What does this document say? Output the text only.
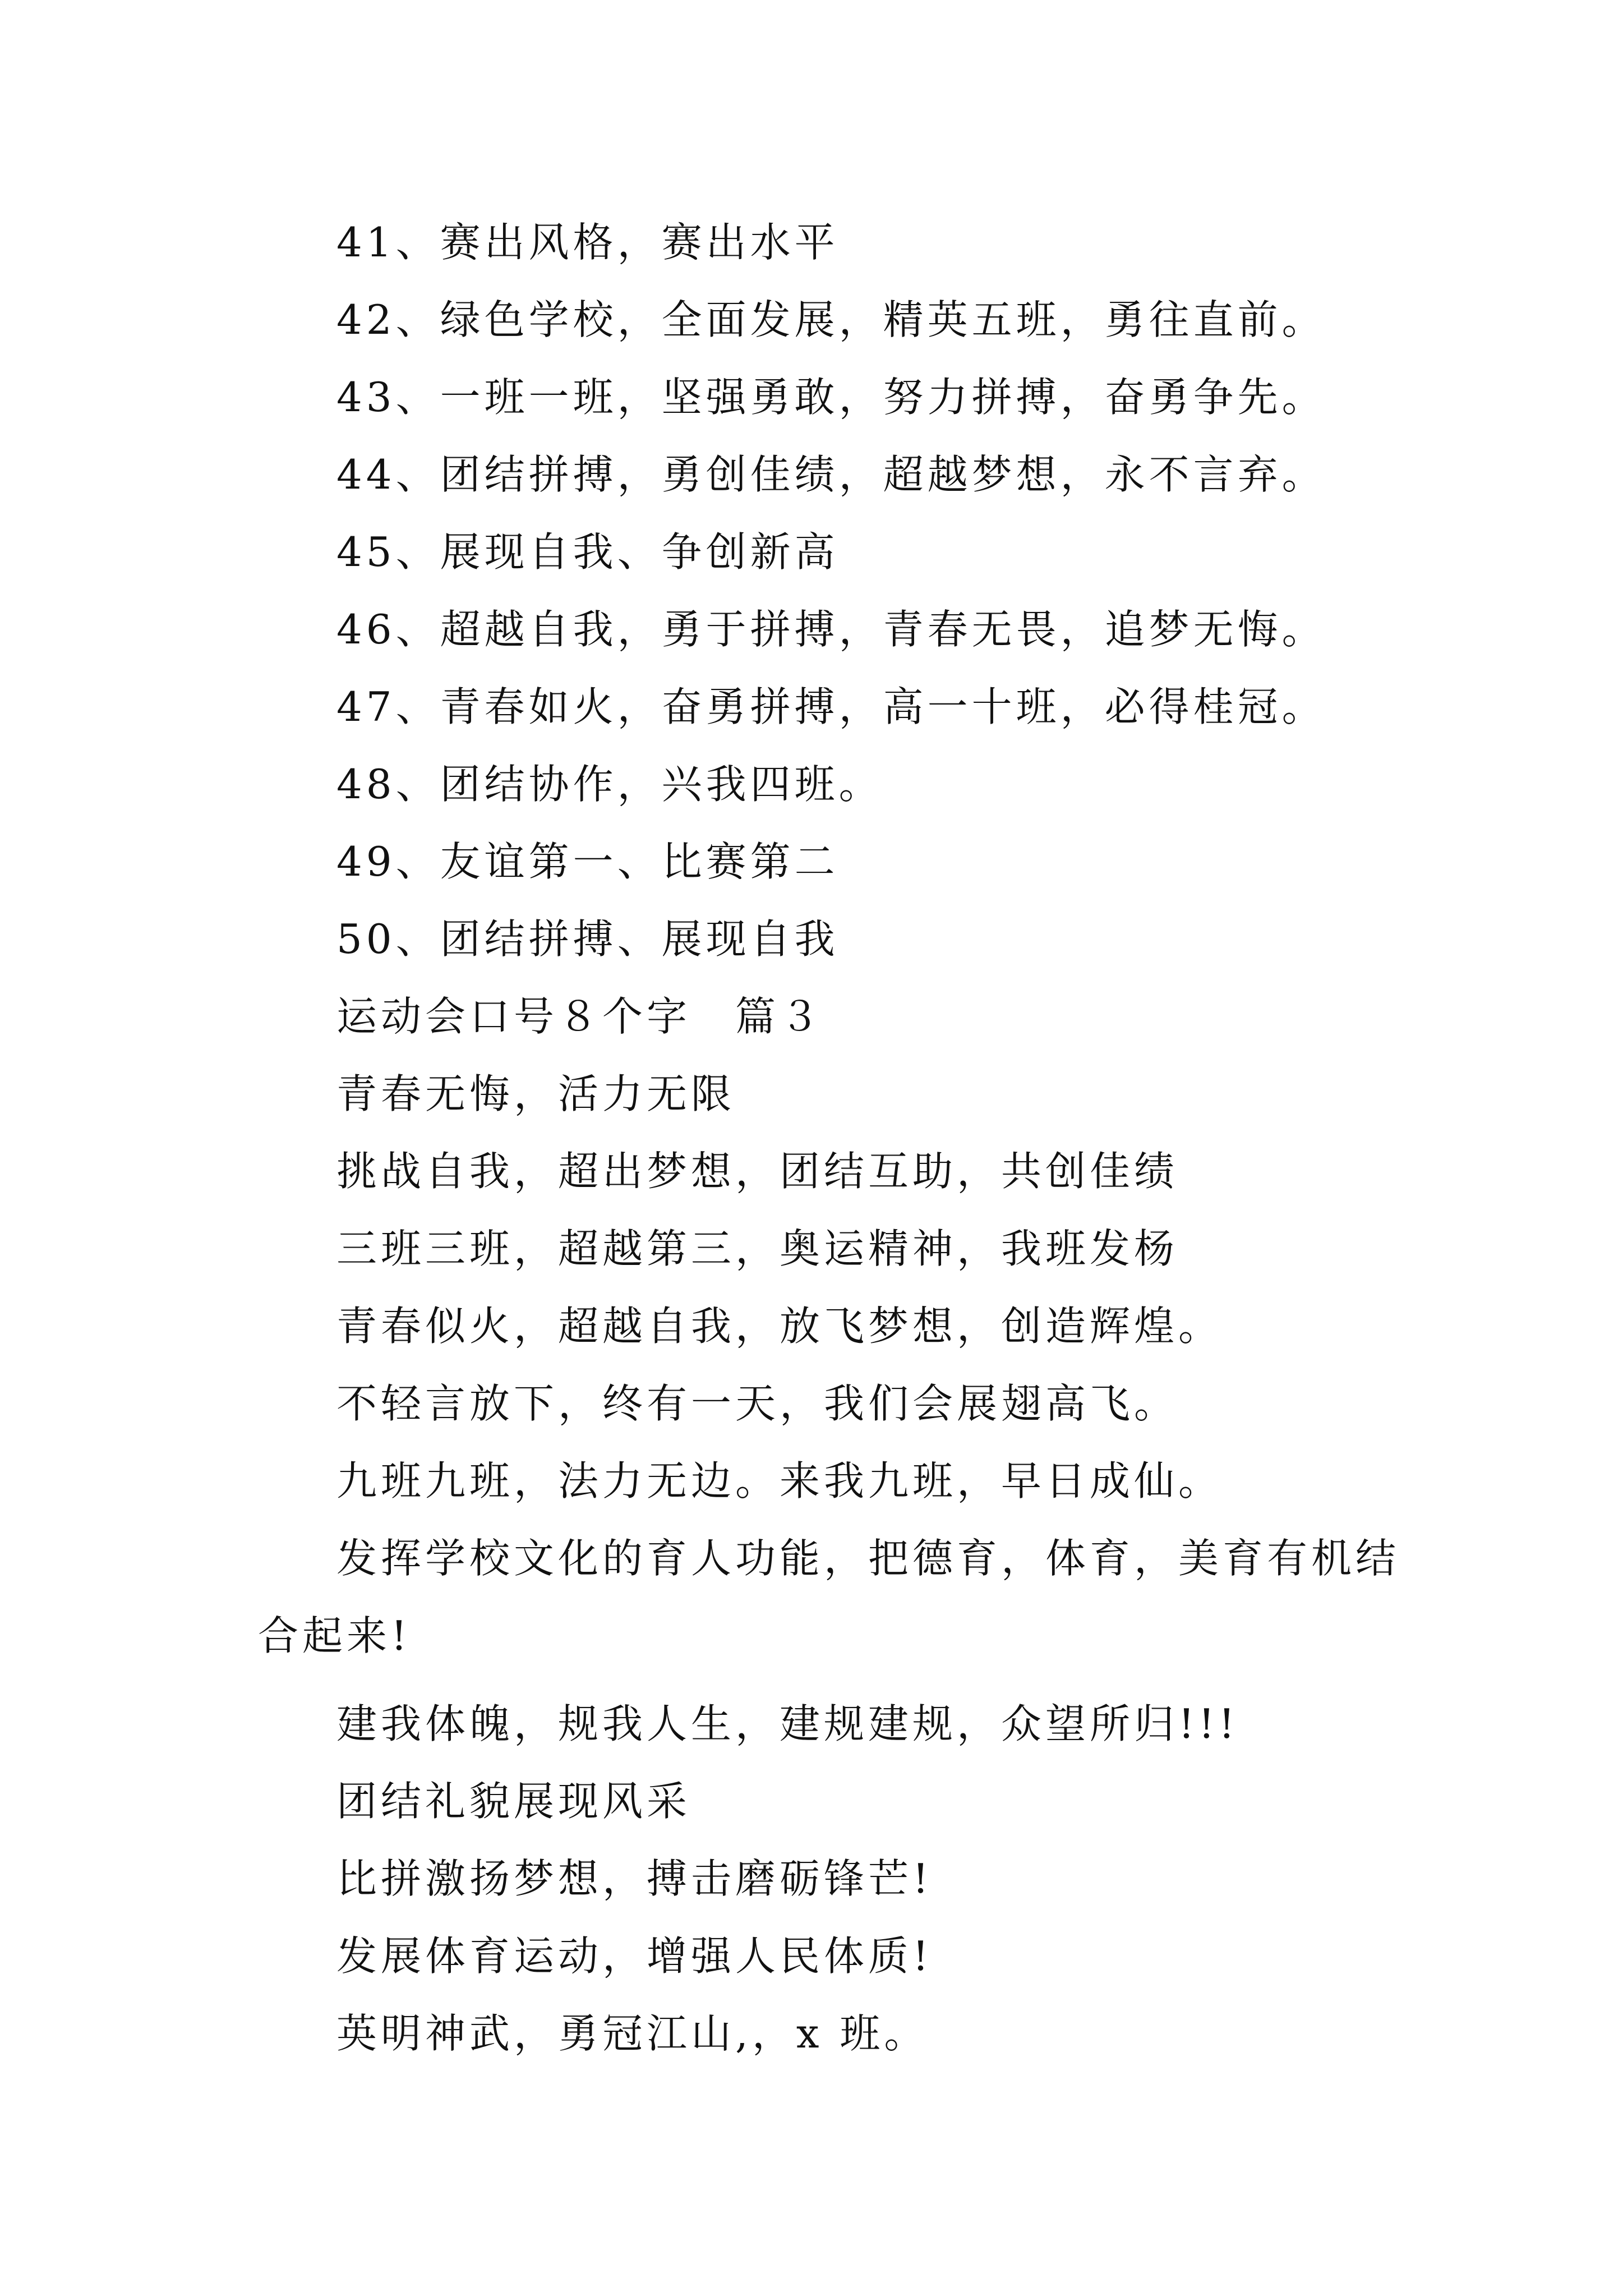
41、赛出风格，赛出水平
42、绿色学校，全面发展，精英五班，勇往直前。
43、一班一班，坚强勇敢，努力拼搏，奋勇争先。
44、团结拼搏，勇创佳绩，超越梦想，永不言弃。
45、展现自我、争创新高
46、超越自我，勇于拼搏，青春无畏，追梦无悔。
47、青春如火，奋勇拼搏，高一十班，必得桂冠。
48、团结协作，兴我四班。
49、友谊第一、比赛第二
50、团结拼搏、展现自我
运动会口号８个字　篇３
青春无悔，活力无限
挑战自我，超出梦想，团结互助，共创佳绩
三班三班，超越第三，奥运精神，我班发杨
青春似火，超越自我，放飞梦想，创造辉煌。
不轻言放下，终有一天，我们会展翅高飞。
九班九班，法力无边。来我九班，早日成仙。
发挥学校文化的育人功能，把德育，体育，美育有机结合起来!
建我体魄，规我人生，建规建规，众望所归!!!
团结礼貌展现风采
比拼激扬梦想，搏击磨砺锋芒!
发展体育运动，增强人民体质!
英明神武，勇冠江山,，x 班。
